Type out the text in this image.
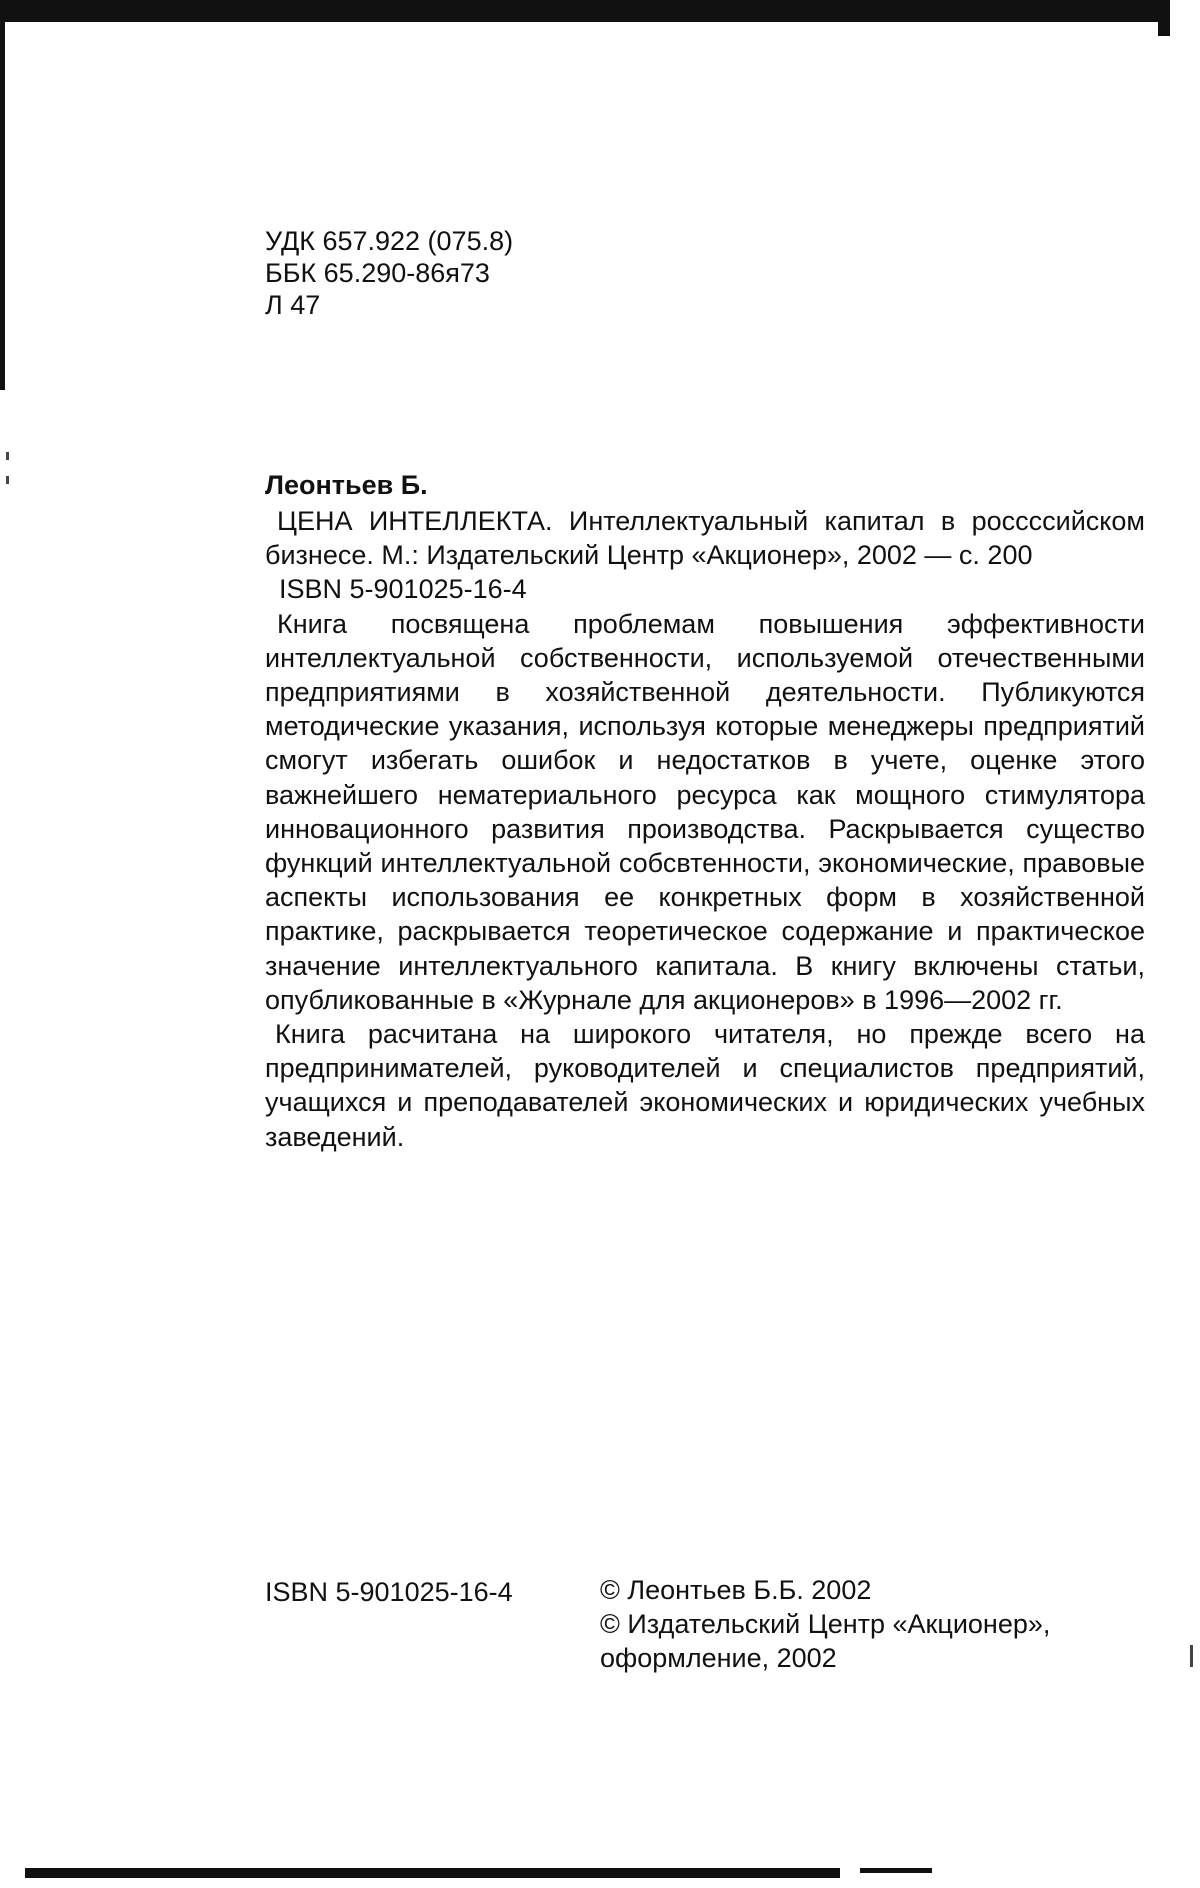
УДК 657.922 (075.8)
ББК 65.290-86я73
Л 47
Леонтьев Б.

ЦЕНА ИНТЕЛЛЕКТА. Интеллектуальный капитал в россcсийском бизнесе. М.: Издательский Центр «Акционер», 2002 — с. 200

ISBN 5-901025-16-4

Книга посвящена проблемам повышения эффективности интеллектуальной собственности, используемой отечественными предприятиями в хозяйственной деятельности. Публикуются методические указания, используя которые менеджеры предприятий смогут избегать ошибок и недостатков в учете, оценке этого важнейшего нематериального ресурса как мощного стимулятора инновационного развития производства. Раскрывается существо функций интеллектуальной собсвтенности, экономические, правовые аспекты использования ее конкретных форм в хозяйственной практике, раскрывается теоретическое содержание и практическое значение интеллектуального капитала. В книгу включены статьи, опубликованные в «Журнале для акционеров» в 1996—2002 гг.

Книга расчитана на широкого читателя, но прежде всего на предпринимателей, руководителей и специалистов предприятий, учащихся и преподавателей экономических и юридических учебных заведений.

ISBN 5-901025-16-4	© Леонтьев Б.Б. 2002
© Издательский Центр «Акционер»,
оформление, 2002
